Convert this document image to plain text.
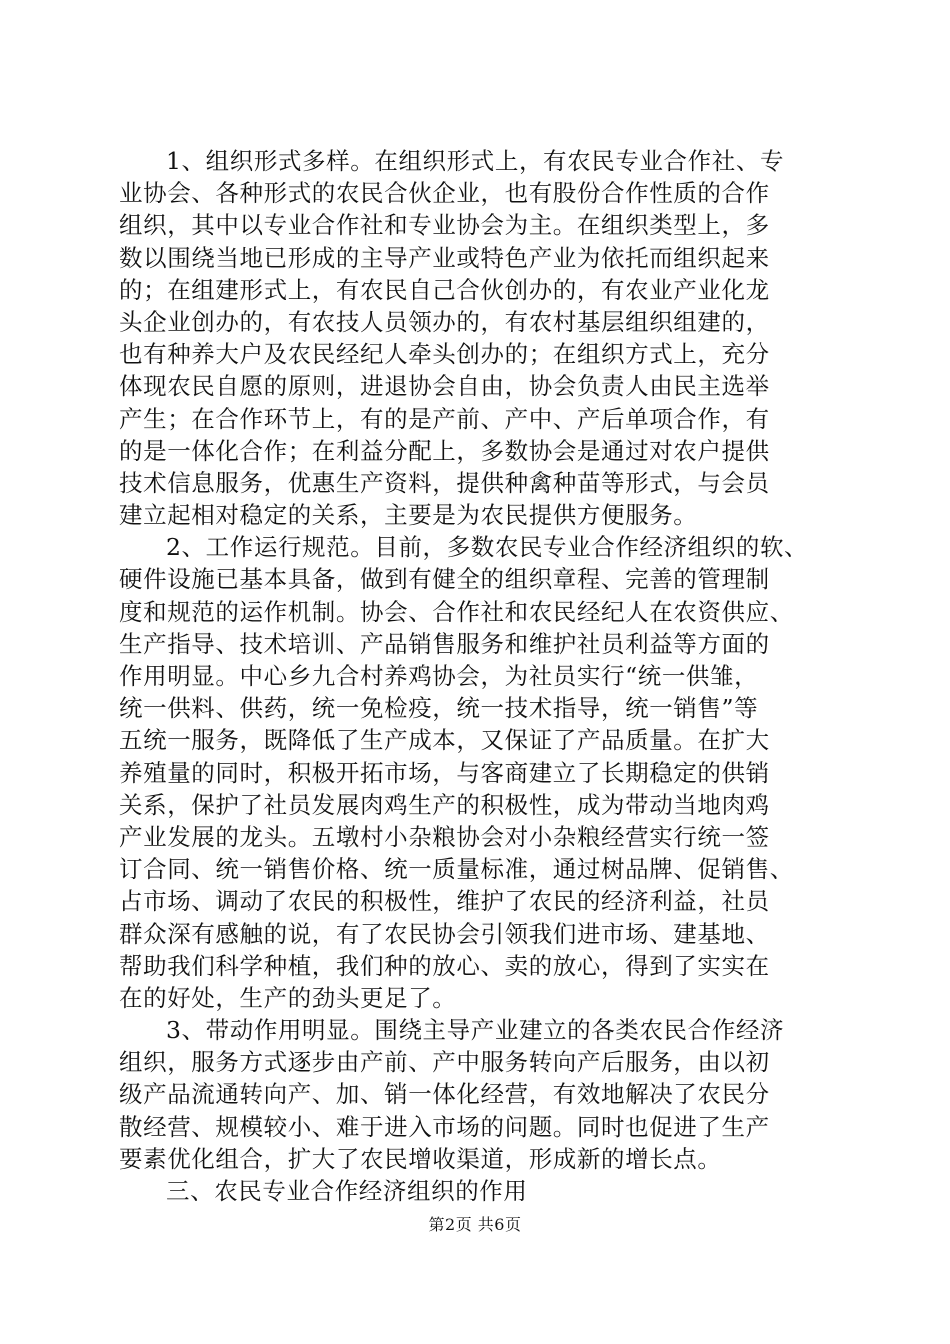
1、组织形式多样。在组织形式上，有农民专业合作社、专
业协会、各种形式的农民合伙企业，也有股份合作性质的合作
组织，其中以专业合作社和专业协会为主。在组织类型上，多
数以围绕当地已形成的主导产业或特色产业为依托而组织起来
的；在组建形式上，有农民自己合伙创办的，有农业产业化龙
头企业创办的，有农技人员领办的，有农村基层组织组建的，
也有种养大户及农民经纪人牵头创办的；在组织方式上，充分
体现农民自愿的原则，进退协会自由，协会负责人由民主选举
产生；在合作环节上，有的是产前、产中、产后单项合作，有
的是一体化合作；在利益分配上，多数协会是通过对农户提供
技术信息服务，优惠生产资料，提供种禽种苗等形式，与会员
建立起相对稳定的关系，主要是为农民提供方便服务。
2、工作运行规范。目前，多数农民专业合作经济组织的软、
硬件设施已基本具备，做到有健全的组织章程、完善的管理制
度和规范的运作机制。协会、合作社和农民经纪人在农资供应、
生产指导、技术培训、产品销售服务和维护社员利益等方面的
作用明显。中心乡九合村养鸡协会，为社员实行“统一供雏，
统一供料、供药，统一免检疫，统一技术指导，统一销售”等
五统一服务，既降低了生产成本，又保证了产品质量。在扩大
养殖量的同时，积极开拓市场，与客商建立了长期稳定的供销
关系，保护了社员发展肉鸡生产的积极性，成为带动当地肉鸡
产业发展的龙头。五墩村小杂粮协会对小杂粮经营实行统一签
订合同、统一销售价格、统一质量标准，通过树品牌、促销售、
占市场、调动了农民的积极性，维护了农民的经济利益，社员
群众深有感触的说，有了农民协会引领我们进市场、建基地、
帮助我们科学种植，我们种的放心、卖的放心，得到了实实在
在的好处，生产的劲头更足了。
3、带动作用明显。围绕主导产业建立的各类农民合作经济
组织，服务方式逐步由产前、产中服务转向产后服务，由以初
级产品流通转向产、加、销一体化经营，有效地解决了农民分
散经营、规模较小、难于进入市场的问题。同时也促进了生产
要素优化组合，扩大了农民增收渠道，形成新的增长点。
三、农民专业合作经济组织的作用
第2页 共6页
